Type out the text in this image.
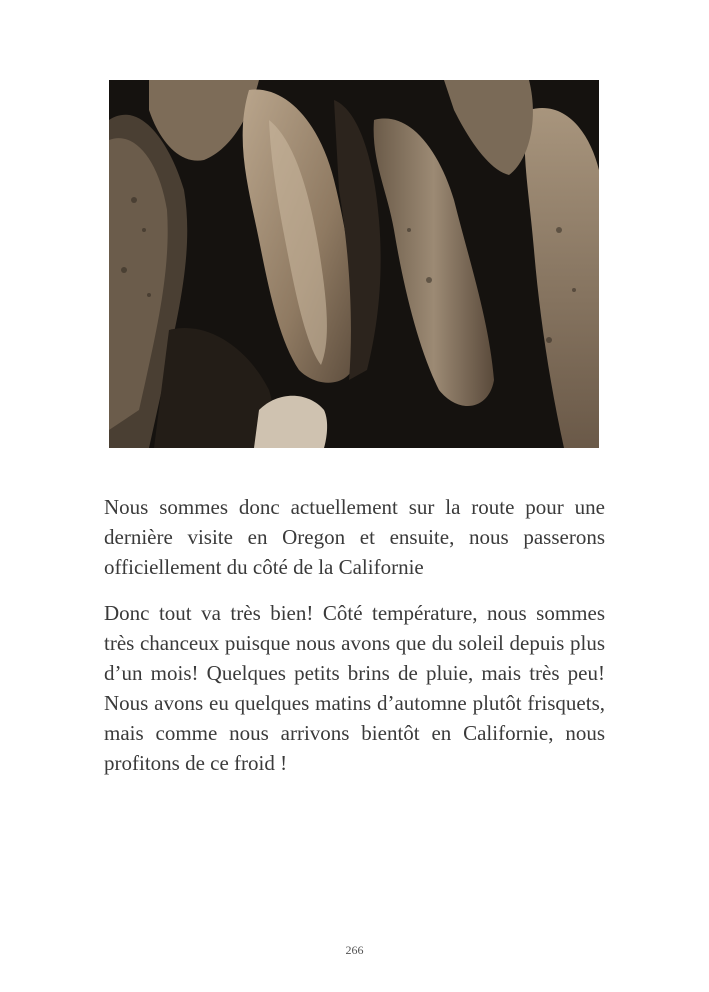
Nous sommes donc actuellement sur la route pour une dernière visite en Oregon et ensuite, nous passerons officiellement du côté de la Californie

Donc tout va très bien! Côté température, nous sommes très chanceux puisque nous avons que du soleil depuis plus d’un mois! Quelques petits brins de pluie, mais très peu! Nous avons eu quelques matins d’automne plutôt frisquets, mais comme nous arrivons bientôt en Californie, nous profitons de ce froid !

266
